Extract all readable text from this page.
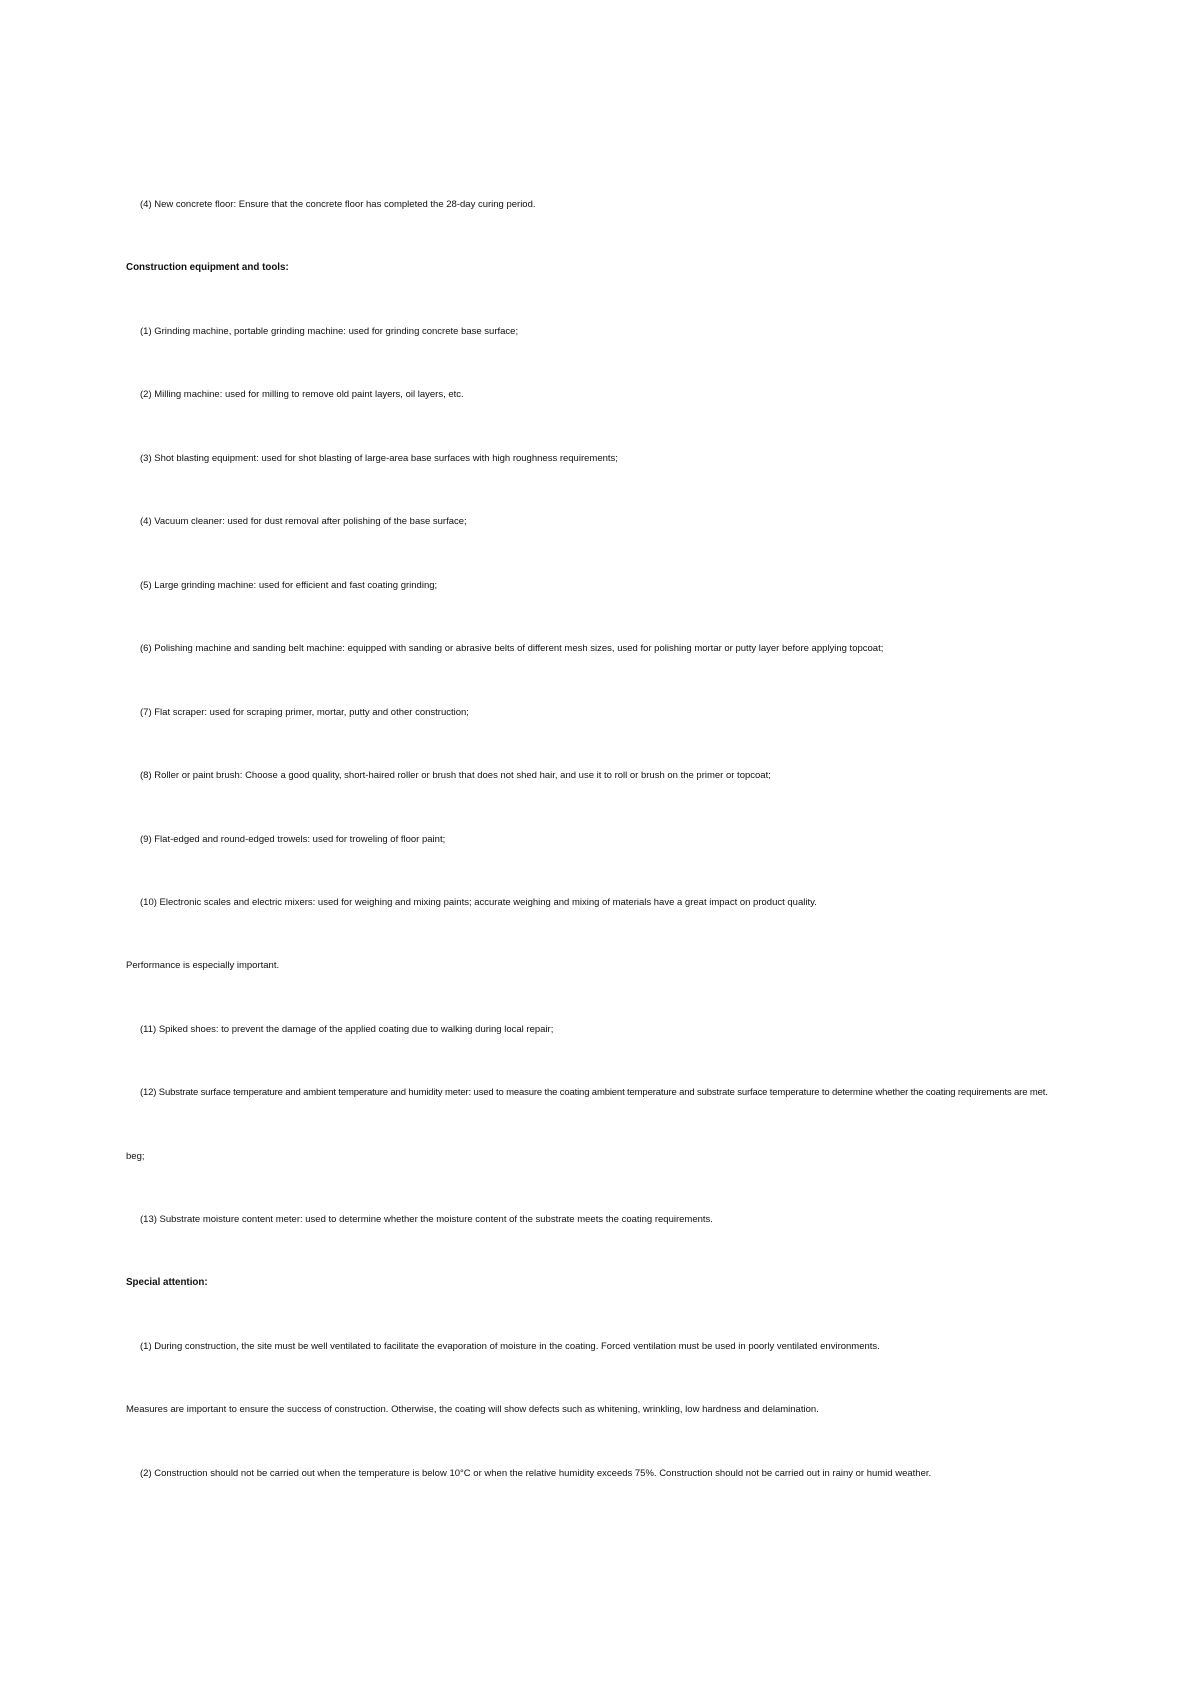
(4) New concrete floor: Ensure that the concrete floor has completed the 28-day curing period.

Construction equipment and tools:

(1) Grinding machine, portable grinding machine: used for grinding concrete base surface;

(2) Milling machine: used for milling to remove old paint layers, oil layers, etc.

(3) Shot blasting equipment: used for shot blasting of large-area base surfaces with high roughness requirements;

(4) Vacuum cleaner: used for dust removal after polishing of the base surface;

(5) Large grinding machine: used for efficient and fast coating grinding;

(6) Polishing machine and sanding belt machine: equipped with sanding or abrasive belts of different mesh sizes, used for polishing mortar or putty layer before applying topcoat;

(7) Flat scraper: used for scraping primer, mortar, putty and other construction;

(8) Roller or paint brush: Choose a good quality, short-haired roller or brush that does not shed hair, and use it to roll or brush on the primer or topcoat;

(9) Flat-edged and round-edged trowels: used for troweling of floor paint;

(10) Electronic scales and electric mixers: used for weighing and mixing paints; accurate weighing and mixing of materials have a great impact on product quality.

Performance is especially important.

(11) Spiked shoes: to prevent the damage of the applied coating due to walking during local repair;

(12) Substrate surface temperature and ambient temperature and humidity meter: used to measure the coating ambient temperature and substrate surface temperature to determine whether the coating requirements are met.

beg;

(13) Substrate moisture content meter: used to determine whether the moisture content of the substrate meets the coating requirements.

Special attention:

(1) During construction, the site must be well ventilated to facilitate the evaporation of moisture in the coating. Forced ventilation must be used in poorly ventilated environments.

Measures are important to ensure the success of construction. Otherwise, the coating will show defects such as whitening, wrinkling, low hardness and delamination.

(2) Construction should not be carried out when the temperature is below 10°C or when the relative humidity exceeds 75%. Construction should not be carried out in rainy or humid weather.
